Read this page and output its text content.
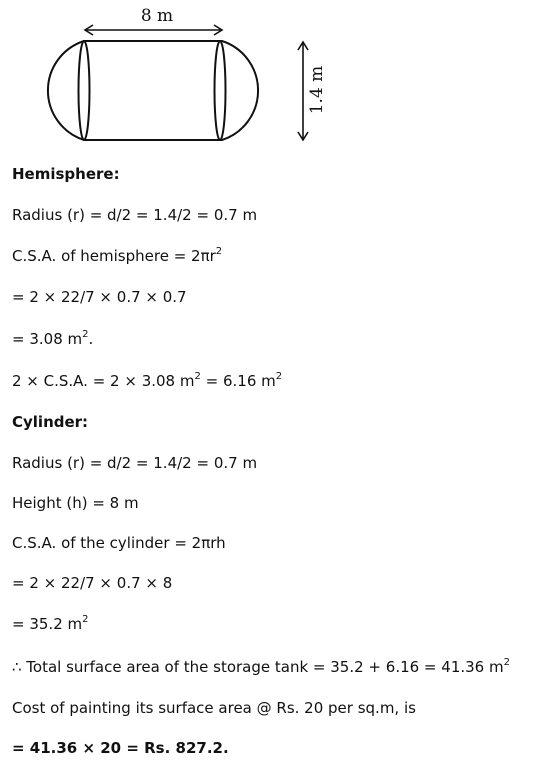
8 m
1.4 m

Hemisphere:

Radius (r) = d/2 = 1.4/2 = 0.7 m

C.S.A. of hemisphere = $2\pi r^2$

= 2 × 22/7 × 0.7 × 0.7

= 3.08 $m^2$.

2 × C.S.A. = 2 × 3.08 $m^2 = 6.16$ $m^2$

Cylinder:

Radius (r) = d/2 = 1.4/2 = 0.7 m

Height (h) = 8 m

C.S.A. of the cylinder = 2πrh

= 2 × 22/7 × 0.7 × 8

= 35.2 $m^2$

∴ Total surface area of the storage tank = 35.2 + 6.16 = 41.36 $m^2$

Cost of painting its surface area @ Rs. 20 per sq.m, is

= 41.36 × 20 = Rs. 827.2.
